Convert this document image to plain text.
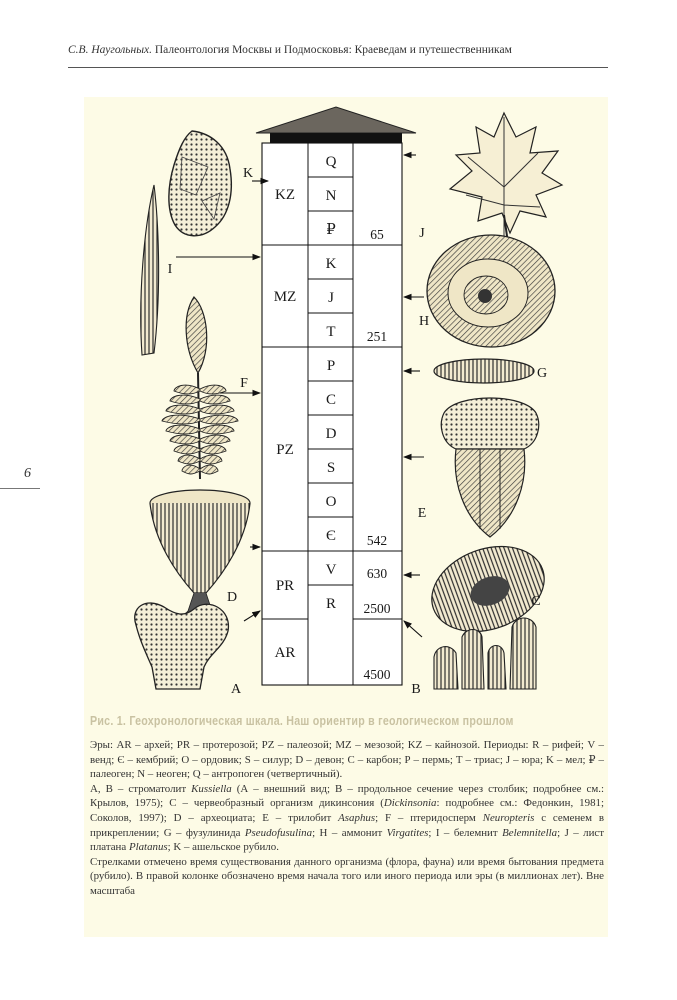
С.В. Наугольных. Палеонтология Москвы и Подмосковья: Краеведам и путешественникам
6
Q
N
₽
K
J
T
P
C
D
S
O
Є
V
R
KZ
MZ
PZ
PR
AR
65
251
542
630
2500
4500
K
I
F
D
A
J
H
G
E
C
B
Рис. 1. Геохронологическая шкала. Наш ориентир в геологическом прошлом
Эры: AR – архей; PR – протерозой; PZ – палеозой; MZ – мезозой; KZ – кайнозой. Периоды: R – рифей; V – венд; Є – кембрий; О – ордовик; S – силур; D – девон; С – карбон; Р – пермь; Т – триас; J – юра; K – мел; ₽ – палеоген; N – неоген; Q – антропоген (четвертичный).
А, В – строматолит Kussiella (А – внешний вид; В – продольное сечение через столбик; подробнее см.: Крылов, 1975); С – червеобразный организм дикинсония (Dickinsonia: подробнее см.: Федонкин, 1981; Соколов, 1997); D – археоциата; Е – трилобит Asaphus; F – птеридосперм Neuropteris с семенем в прикреплении; G – фузулинида Pseudofusulina; Н – аммонит Virgatites; I – белемнит Belemnitella; J – лист платана Platanus; K – ашельское рубило.
Стрелками отмечено время существования данного организма (флора, фауна) или время бытования предмета (рубило). В правой колонке обозначено время начала того или иного периода или эры (в миллионах лет). Вне масштаба
